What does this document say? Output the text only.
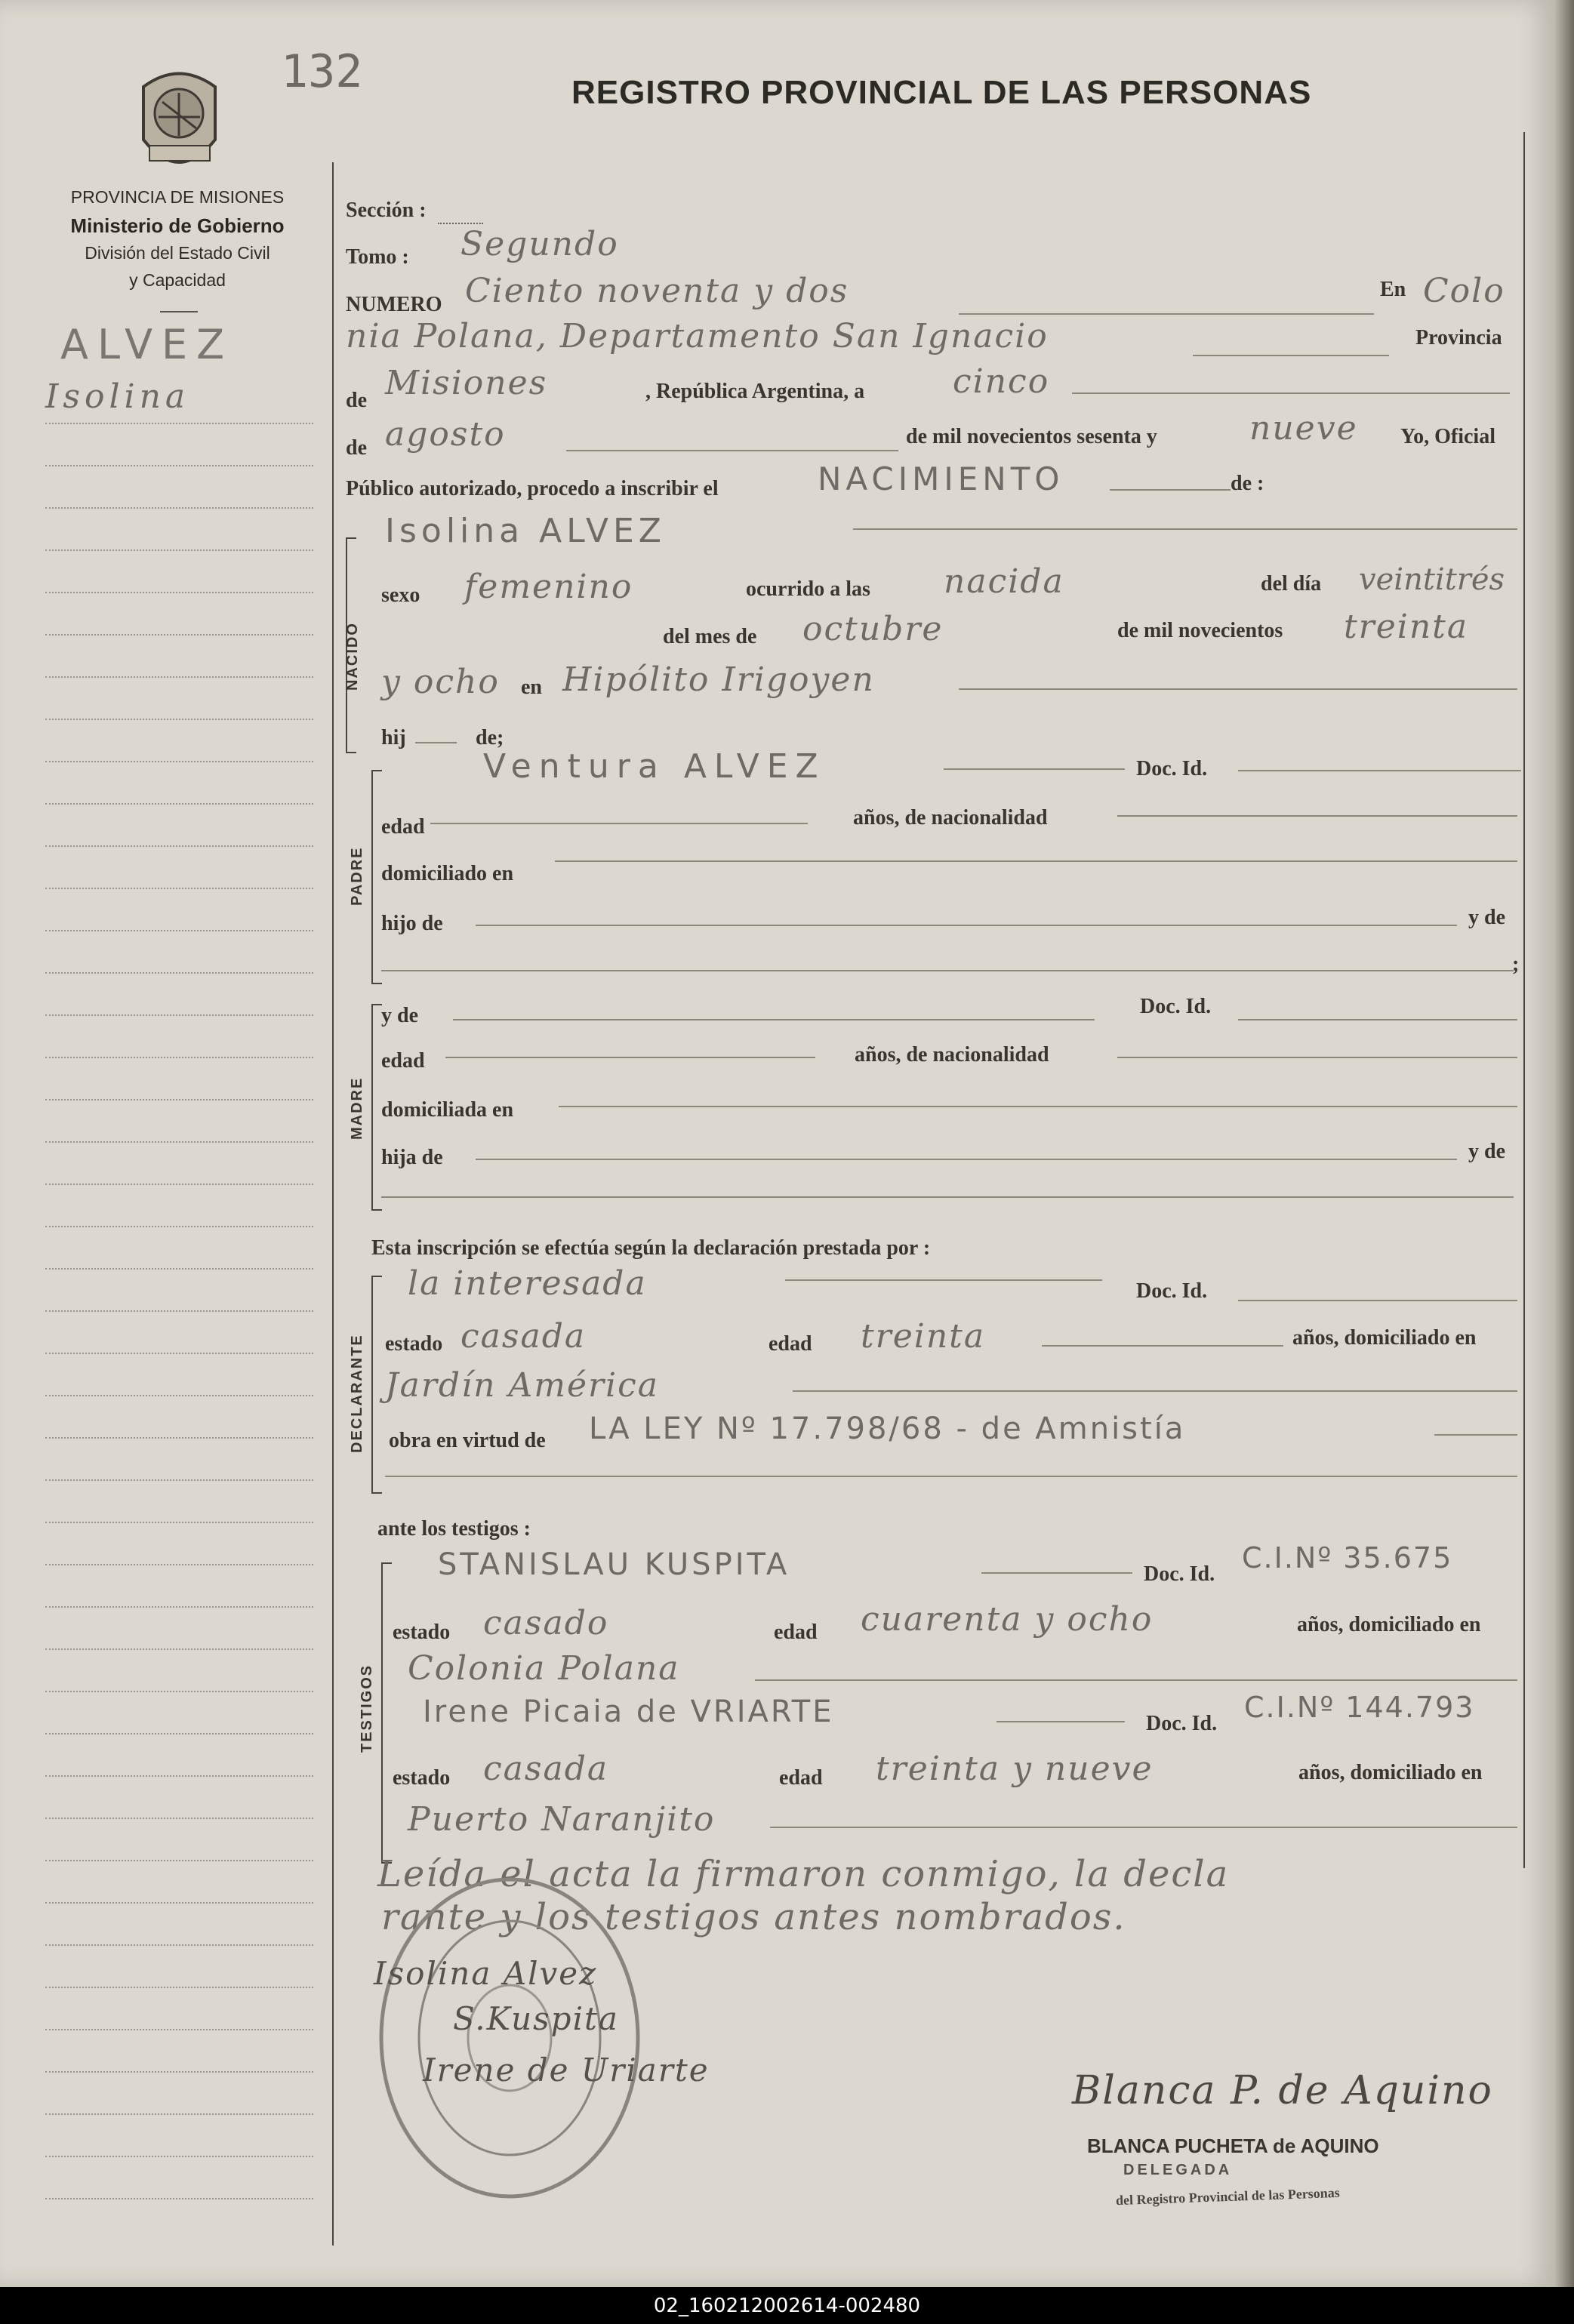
132	REGISTRO PROVINCIAL DE LAS PERSONAS
PROVINCIA DE MISIONES
Ministerio de Gobierno
División del Estado Civil
y Capacidad
ALVEZ
Isolina
Sección :
Tomo : Segundo
NUMERO Ciento noventa y dos	En Colo
nia Polana, Departamento San Ignacio	Provincia
de Misiones	, República Argentina, a	cinco
de agosto	de mil novecientos sesenta y	nueve Yo, Oficial
Público autorizado, procedo a inscribir el	NACIMIENTO	de :
NACIDO
Isolina ALVEZ
sexo femenino	ocurrido a las nacida	del día veintitrés
del mes de octubre	de mil novecientos treinta
y ocho en Hipólito Irigoyen
hij	de;
PADRE
Ventura ALVEZ	Doc. Id.
edad	años, de nacionalidad
domiciliado en
hijo de	y de
;
MADRE
y de	Doc. Id.
edad	años, de nacionalidad
domiciliada en
hija de	y de
Esta inscripción se efectúa según la declaración prestada por :
DECLARANTE
la interesada	Doc. Id.
estado casada	edad treinta	años, domiciliado en
Jardín América
obra en virtud de LA LEY Nº 17.798/68 - de Amnistía
ante los testigos :
TESTIGOS
STANISLAU KUSPITA	Doc. Id. C.I.Nº 35.675
estado casado	edad cuarenta y ocho	años, domiciliado en
Colonia Polana
Irene Picaia de VRIARTE	Doc. Id. C.I.Nº 144.793
estado casada	edad treinta y nueve	años, domiciliado en
Puerto Naranjito
Leída el acta la firmaron conmigo, la decla
rante y los testigos antes nombrados.
Isolina Alvez
S.Kuspita
Irene de Uriarte	Blanca P. de Aquino
BLANCA PUCHETA de AQUINO
DELEGADA
del Registro Provincial de las Personas
02_160212002614-002480
